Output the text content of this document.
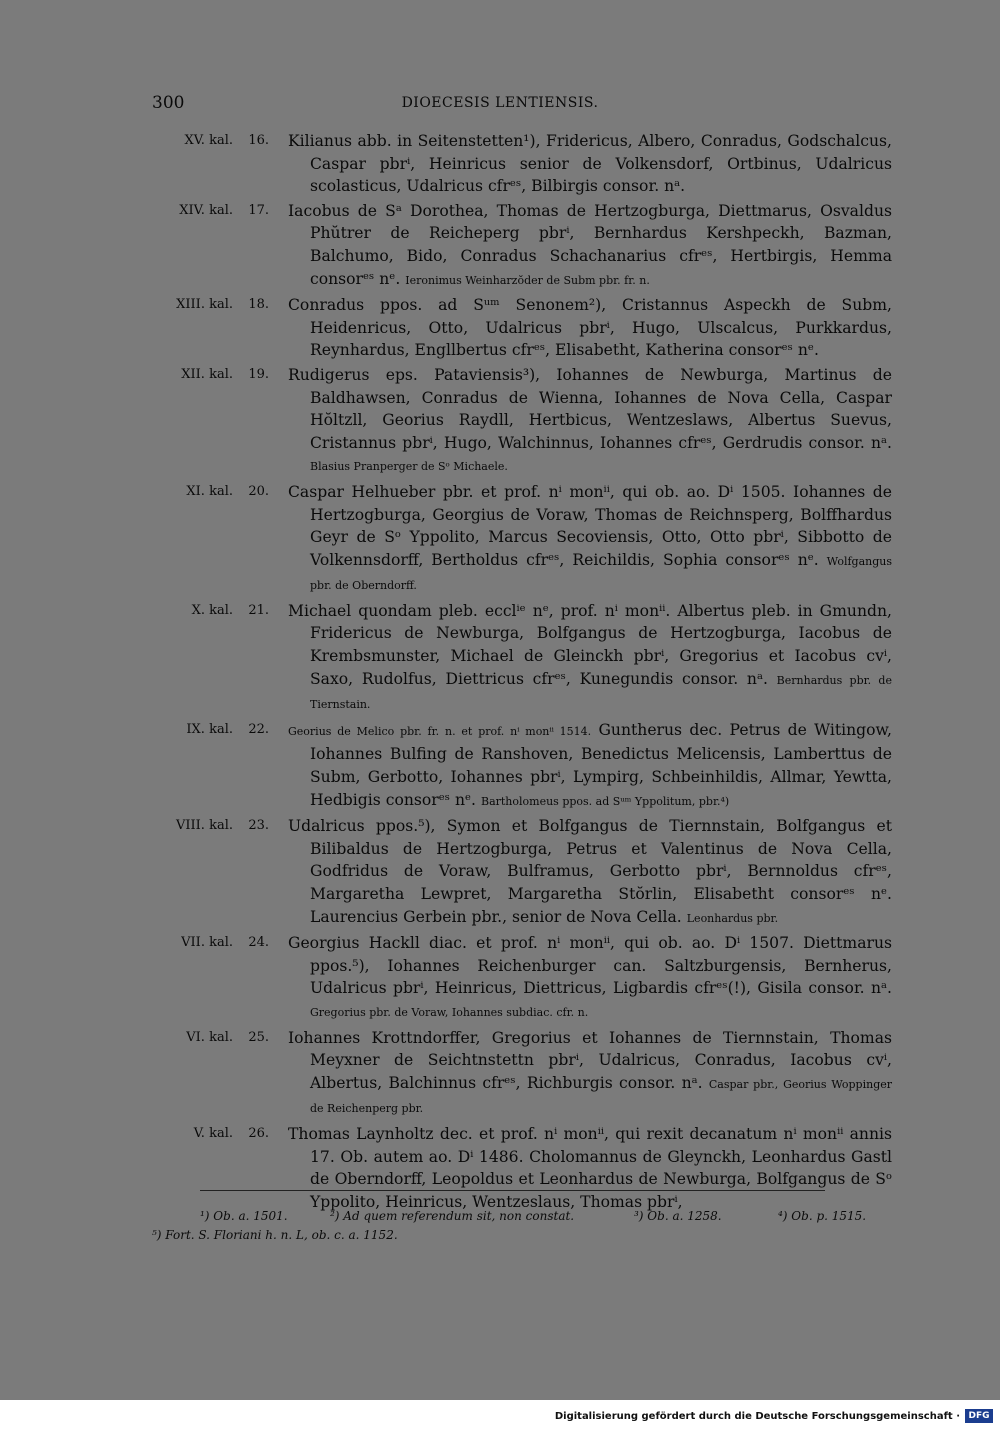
300	DIOECESIS LENTIENSIS.
XV. kal.	16. Kilianus abb. in Seitenstetten¹), Fridericus, Albero, Conradus, Godschalcus, Caspar pbrⁱ, Heinricus senior de Volkensdorf, Ortbinus, Udalricus scolasticus, Udalricus cfrᵉˢ, Bilbirgis consor. nᵃ.
XIV. kal.	17. Iacobus de Sᵃ Dorothea, Thomas de Hertzogburga, Diettmarus, Osvaldus Phŭtrer de Reicheperg pbrⁱ, Bernhardus Kershpeckh, Bazman, Balchumo, Bido, Conradus Schachanarius cfrᵉˢ, Hertbirgis, Hemma consorᵉˢ nᵉ. Ieronimus Weinharzŏder de Subm pbr. fr. n.
XIII. kal.	18. Conradus ppos. ad Sᵘᵐ Senonem²), Cristannus Aspeckh de Subm, Heidenricus, Otto, Udalricus pbrⁱ, Hugo, Ulscalcus, Purkkardus, Reynhardus, Engllbertus cfrᵉˢ, Elisabetht, Katherina consorᵉˢ nᵉ.
XII. kal.	19. Rudigerus eps. Pataviensis³), Iohannes de Newburga, Martinus de Baldhawsen, Conradus de Wienna, Iohannes de Nova Cella, Caspar Hŏltzll, Georius Raydll, Hertbicus, Wentzeslaws, Albertus Suevus, Cristannus pbrⁱ, Hugo, Walchinnus, Iohannes cfrᵉˢ, Gerdrudis consor. nᵃ. Blasius Pranperger de Sᵒ Michaele.
XI. kal.	20. Caspar Helhueber pbr. et prof. nⁱ monⁱⁱ, qui ob. ao. Dⁱ 1505. Iohannes de Hertzogburga, Georgius de Voraw, Thomas de Reichnsperg, Bolffhardus Geyr de Sᵒ Yppolito, Marcus Secoviensis, Otto, Otto pbrⁱ, Sibbotto de Volkennsdorff, Bertholdus cfrᵉˢ, Reichildis, Sophia consorᵉˢ nᵉ. Wolfgangus pbr. de Oberndorff.
X. kal.	21. Michael quondam pleb. ecclⁱᵉ nᵉ, prof. nⁱ monⁱⁱ. Albertus pleb. in Gmundn, Fridericus de Newburga, Bolfgangus de Hertzogburga, Iacobus de Krembsmunster, Michael de Gleinckh pbrⁱ, Gregorius et Iacobus cvⁱ, Saxo, Rudolfus, Diettricus cfrᵉˢ, Kunegundis consor. nᵃ. Bernhardus pbr. de Tiernstain.
IX. kal.	22. Georius de Melico pbr. fr. n. et prof. nⁱ monⁱⁱ 1514. Guntherus dec. Petrus de Witingow, Iohannes Bulfing de Ranshoven, Benedictus Melicensis, Lamberttus de Subm, Gerbotto, Iohannes pbrⁱ, Lympirg, Schbeinhildis, Allmar, Yewtta, Hedbigis consorᵉˢ nᵉ. Bartholomeus ppos. ad Sᵘᵐ Yppolitum, pbr.⁴)
VIII. kal.	23. Udalricus ppos.⁵), Symon et Bolfgangus de Tiernnstain, Bolfgangus et Bilibaldus de Hertzogburga, Petrus et Valentinus de Nova Cella, Godfridus de Voraw, Bulframus, Gerbotto pbrⁱ, Bernnoldus cfrᵉˢ, Margaretha Lewpret, Margaretha Stŏrlin, Elisabetht consorᵉˢ nᵉ. Laurencius Gerbein pbr., senior de Nova Cella. Leonhardus pbr.
VII. kal.	24. Georgius Hackll diac. et prof. nⁱ monⁱⁱ, qui ob. ao. Dⁱ 1507. Diettmarus ppos.⁵), Iohannes Reichenburger can. Saltzburgensis, Bernherus, Udalricus pbrⁱ, Heinricus, Diettricus, Ligbardis cfrᵉˢ(!), Gisila consor. nᵃ. Gregorius pbr. de Voraw, Iohannes subdiac. cfr. n.
VI. kal.	25. Iohannes Krottndorffer, Gregorius et Iohannes de Tiernnstain, Thomas Meyxner de Seichtnstettn pbrⁱ, Udalricus, Conradus, Iacobus cvⁱ, Albertus, Balchinnus cfrᵉˢ, Richburgis consor. nᵃ. Caspar pbr., Georius Woppinger de Reichenperg pbr.
V. kal.	26. Thomas Laynholtz dec. et prof. nⁱ monⁱⁱ, qui rexit decanatum nⁱ monⁱⁱ annis 17. Ob. autem ao. Dⁱ 1486. Cholomannus de Gleynckh, Leonhardus Gastl de Oberndorff, Leopoldus et Leonhardus de Newburga, Bolfgangus de Sᵒ Yppolito, Heinricus, Wentzeslaus, Thomas pbrⁱ,
¹) Ob. a. 1501.	²) Ad quem referendum sit, non constat.	³) Ob. a. 1258.	⁴) Ob. p. 1515.
⁵) Fort. S. Floriani h. n. L, ob. c. a. 1152.
Digitalisierung gefördert durch die Deutsche Forschungsgemeinschaft · DFG
